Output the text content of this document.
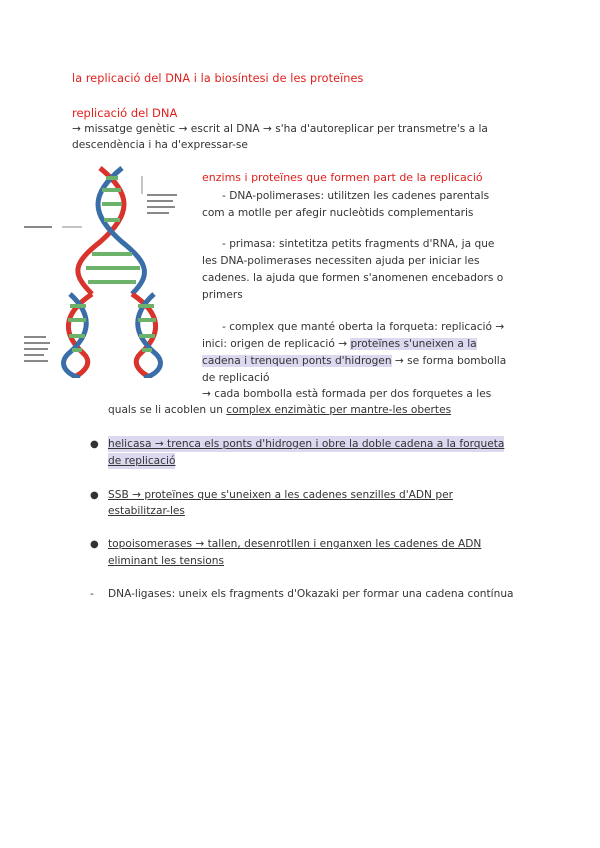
la replicació del DNA i la biosíntesi de les proteïnes
replicació del DNA
→ missatge genètic → escrit al DNA → s'ha d'autoreplicar per transmetre's a la descendència i ha d'expressar-se
enzims i proteïnes que formen part de la replicació
- DNA-polimerases: utilitzen les cadenes parentals
com a motlle per afegir nucleòtids complementaris
- primasa: sintetitza petits fragments d'RNA, ja que
les DNA-polimerases necessiten ajuda per iniciar les
cadenes. la ajuda que formen s'anomenen encebadors o
primers
- complex que manté oberta la forqueta: replicació →
inici: origen de replicació → proteïnes s'uneixen a la
cadena i trenquen ponts d'hidrogen → se forma bombolla
de replicació
→ cada bombolla està formada per dos forquetes a les
quals se li acoblen un complex enzimàtic per mantre-les obertes
● helicasa → trenca els ponts d'hidrogen i obre la doble cadena a la forqueta
de replicació
● SSB → proteïnes que s'uneixen a les cadenes senzilles d'ADN per
estabilitzar-les
● topoisomerases → tallen, desenrotllen i enganxen les cadenes de ADN
eliminant les tensions
- DNA-ligases: uneix els fragments d'Okazaki per formar una cadena contínua
